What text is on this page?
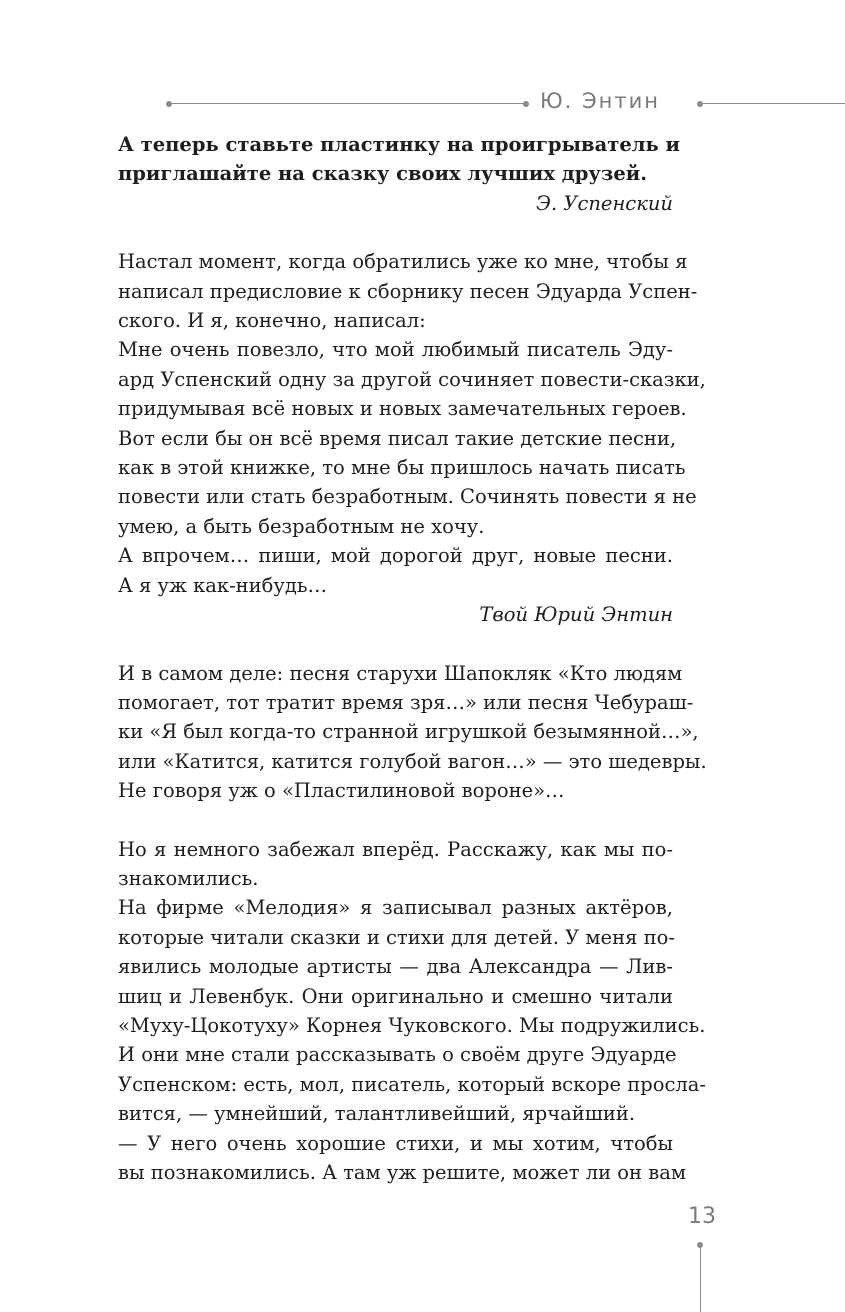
Ю. Энтин

А теперь ставьте пластинку на проигрыватель и
приглашайте на сказку своих лучших друзей.

Э. Успенский

Настал момент, когда обратились уже ко мне, чтобы я
написал предисловие к сборнику песен Эдуарда Успен-
ского. И я, конечно, написал:

Мне очень повезло, что мой любимый писатель Эду-
ард Успенский одну за другой сочиняет повести-сказки,
придумывая всё новых и новых замечательных героев.
Вот если бы он всё время писал такие детские песни,
как в этой книжке, то мне бы пришлось начать писать
повести или стать безработным. Сочинять повести я не
умею, а быть безработным не хочу.

А впрочем… пиши, мой дорогой друг, новые песни.
А я уж как-нибудь…

Твой Юрий Энтин

И в самом деле: песня старухи Шапокляк «Кто людям
помогает, тот тратит время зря…» или песня Чебураш-
ки «Я был когда-то странной игрушкой безымянной…»,
или «Катится, катится голубой вагон…» — это шедевры.
Не говоря уж о «Пластилиновой вороне»…

Но я немного забежал вперёд. Расскажу, как мы по-
знакомились.

На фирме «Мелодия» я записывал разных актёров,
которые читали сказки и стихи для детей. У меня по-
явились молодые артисты — два Александра — Лив-
шиц и Левенбук. Они оригинально и смешно читали
«Муху-Цокотуху» Корнея Чуковского. Мы подружились.
И они мне стали рассказывать о своём друге Эдуарде
Успенском: есть, мол, писатель, который вскоре просла-
вится, — умнейший, талантливейший, ярчайший.

— У него очень хорошие стихи, и мы хотим, чтобы
вы познакомились. А там уж решите, может ли он вам

13
